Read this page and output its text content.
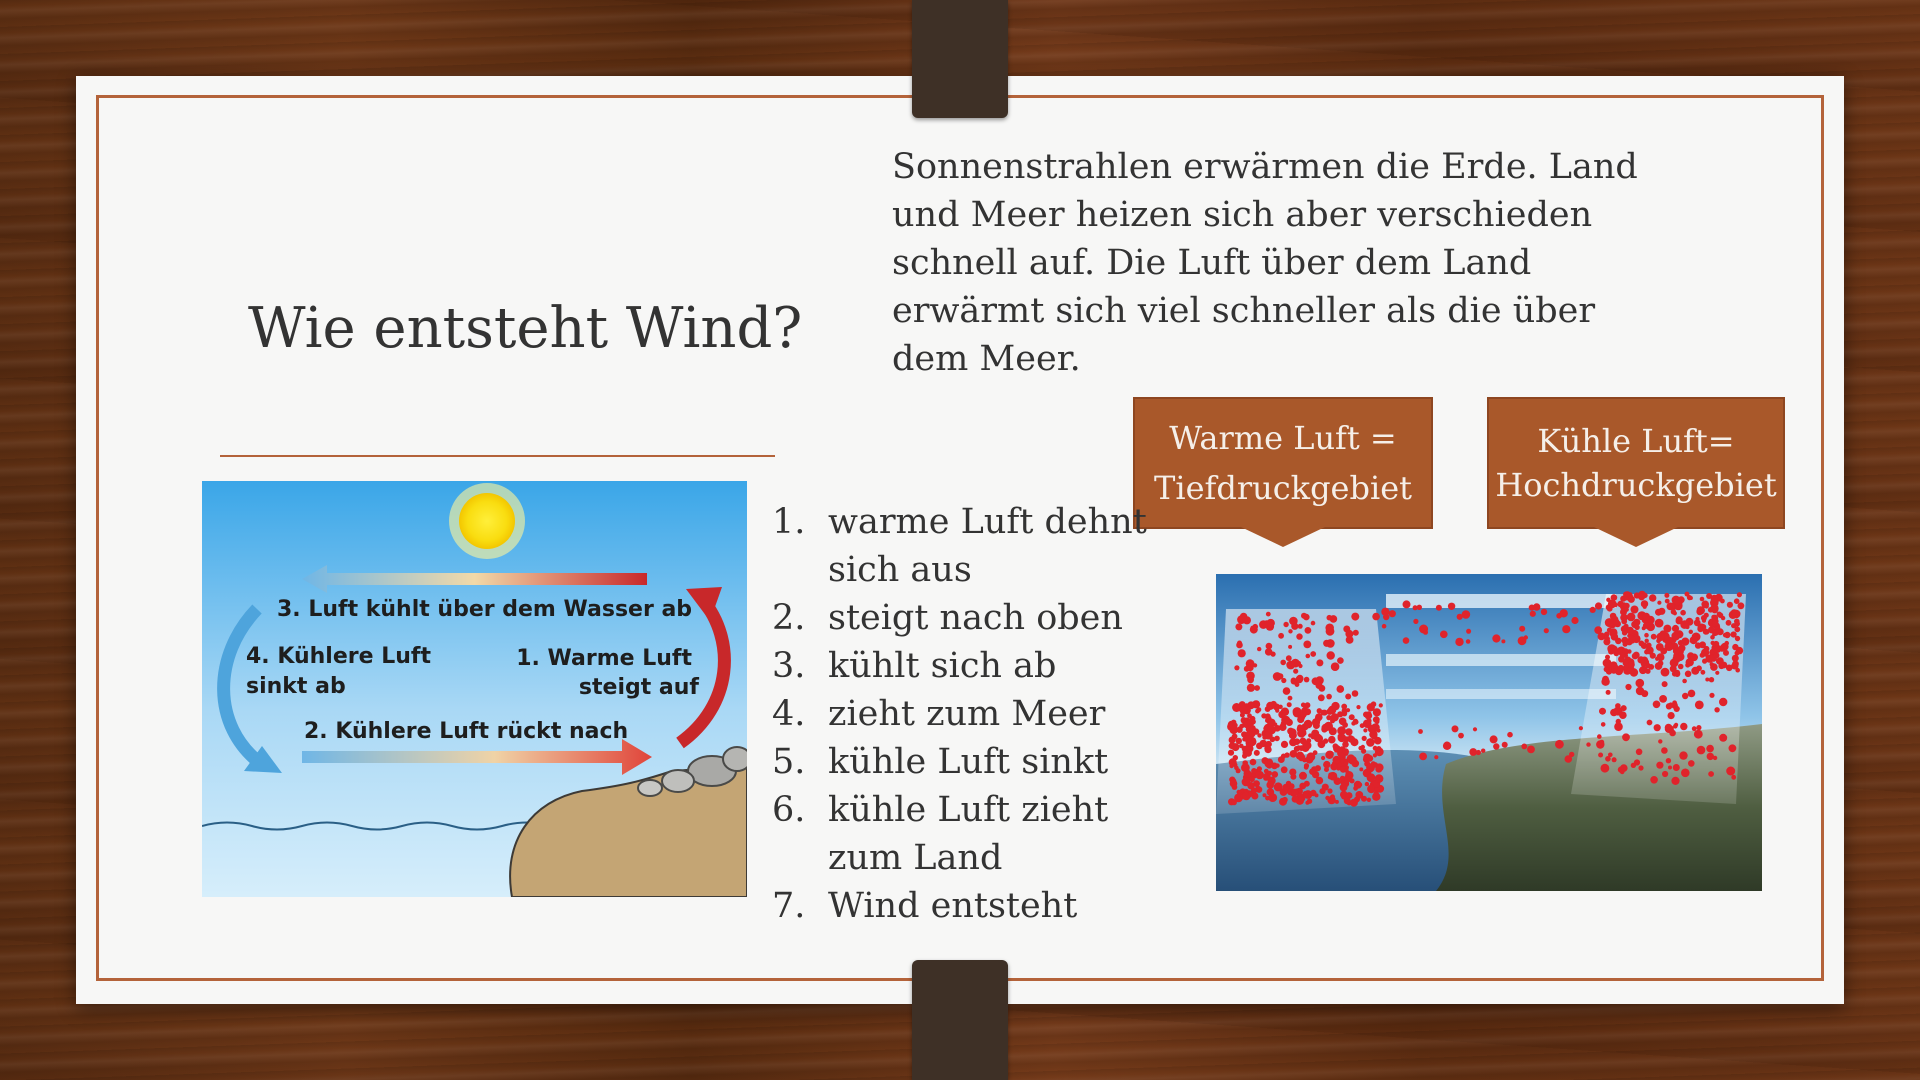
Wie entsteht Wind?
Sonnenstrahlen erwärmen die Erde. Land und Meer heizen sich aber verschieden schnell auf. Die Luft über dem Land erwärmt sich viel schneller als die über dem Meer.
Warme Luft =
Tiefdruckgebiet
Kühle Luft=
Hochdruckgebiet
1. warme Luft dehnt sich aus
2. steigt nach oben
3. kühlt sich ab
4. zieht zum Meer
5. kühle Luft sinkt
6. kühle Luft zieht zum Land
7. Wind entsteht
3. Luft kühlt über dem Wasser ab
4. Kühlere Luft
sinkt ab
1. Warme Luft
steigt auf
2. Kühlere Luft rückt nach
